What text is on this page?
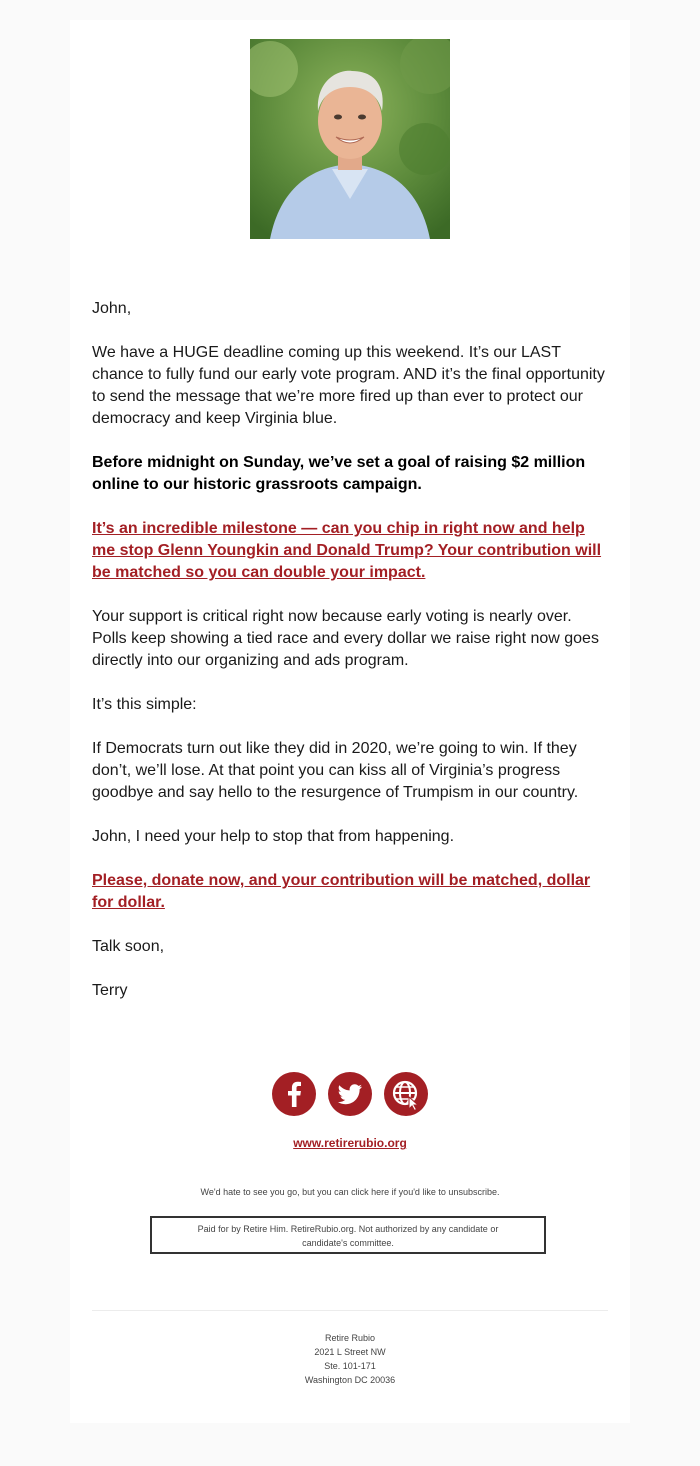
John,

We have a HUGE deadline coming up this weekend. It’s our LAST chance to fully fund our early vote program. AND it’s the final opportunity to send the message that we’re more fired up than ever to protect our democracy and keep Virginia blue.

Before midnight on Sunday, we’ve set a goal of raising $2 million online to our historic grassroots campaign.

It’s an incredible milestone — can you chip in right now and help me stop Glenn Youngkin and Donald Trump? Your contribution will be matched so you can double your impact.

Your support is critical right now because early voting is nearly over. Polls keep showing a tied race and every dollar we raise right now goes directly into our organizing and ads program.

It’s this simple:

If Democrats turn out like they did in 2020, we’re going to win. If they don’t, we’ll lose. At that point you can kiss all of Virginia’s progress goodbye and say hello to the resurgence of Trumpism in our country.

John, I need your help to stop that from happening.

Please, donate now, and your contribution will be matched, dollar for dollar.

Talk soon,

Terry

www.retirerubio.org
We'd hate to see you go, but you can click here if you'd like to unsubscribe.
Paid for by Retire Him. RetireRubio.org. Not authorized by any candidate or candidate's committee.
Retire Rubio
2021 L Street NW
Ste. 101-171
Washington DC 20036
